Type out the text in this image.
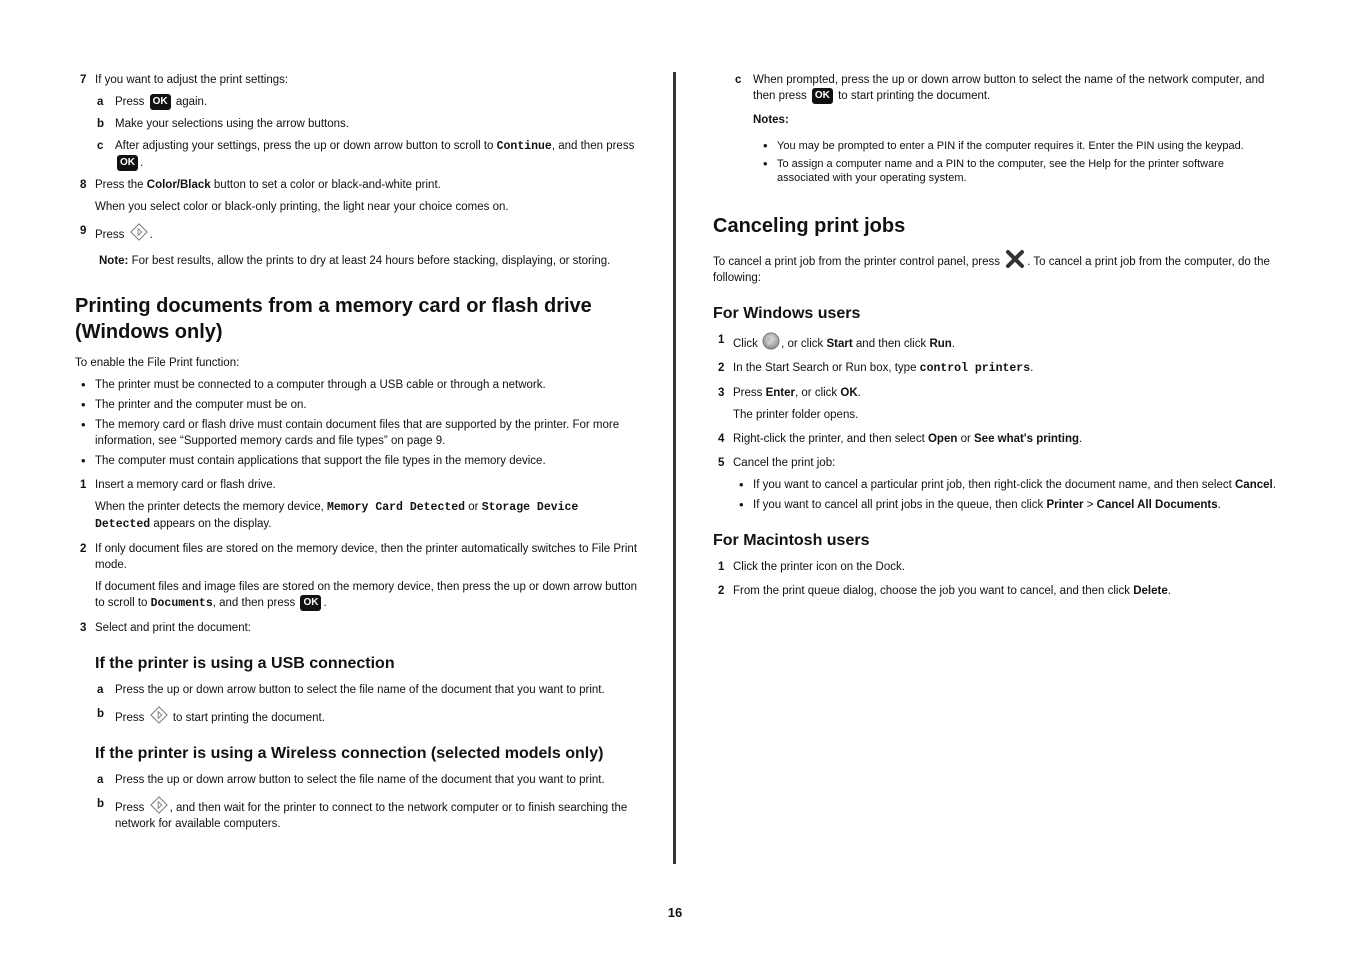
7 If you want to adjust the print settings:
a Press OK again.
b Make your selections using the arrow buttons.
c After adjusting your settings, press the up or down arrow button to scroll to Continue, and then press OK .
8 Press the Color/Black button to set a color or black-and-white print.
When you select color or black-only printing, the light near your choice comes on.
9 Press .
Note: For best results, allow the prints to dry at least 24 hours before stacking, displaying, or storing.
Printing documents from a memory card or flash drive (Windows only)
To enable the File Print function:
• The printer must be connected to a computer through a USB cable or through a network.
• The printer and the computer must be on.
• The memory card or flash drive must contain document files that are supported by the printer. For more information, see “Supported memory cards and file types” on page 9.
• The computer must contain applications that support the file types in the memory device.
1 Insert a memory card or flash drive.
When the printer detects the memory device, Memory Card Detected or Storage Device Detected appears on the display.
2 If only document files are stored on the memory device, then the printer automatically switches to File Print mode.
If document files and image files are stored on the memory device, then press the up or down arrow button to scroll to Documents, and then press OK .
3 Select and print the document:
If the printer is using a USB connection
a Press the up or down arrow button to select the file name of the document that you want to print.
b Press to start printing the document.
If the printer is using a Wireless connection (selected models only)
a Press the up or down arrow button to select the file name of the document that you want to print.
b Press , and then wait for the printer to connect to the network computer or to finish searching the network for available computers.
c When prompted, press the up or down arrow button to select the name of the network computer, and then press OK to start printing the document.
Notes:
• You may be prompted to enter a PIN if the computer requires it. Enter the PIN using the keypad.
• To assign a computer name and a PIN to the computer, see the Help for the printer software associated with your operating system.
Canceling print jobs
To cancel a print job from the printer control panel, press . To cancel a print job from the computer, do the following:
For Windows users
1 Click , or click Start and then click Run.
2 In the Start Search or Run box, type control printers.
3 Press Enter, or click OK.
The printer folder opens.
4 Right-click the printer, and then select Open or See what's printing.
5 Cancel the print job:
• If you want to cancel a particular print job, then right-click the document name, and then select Cancel.
• If you want to cancel all print jobs in the queue, then click Printer > Cancel All Documents.
For Macintosh users
1 Click the printer icon on the Dock.
2 From the print queue dialog, choose the job you want to cancel, and then click Delete.
16
